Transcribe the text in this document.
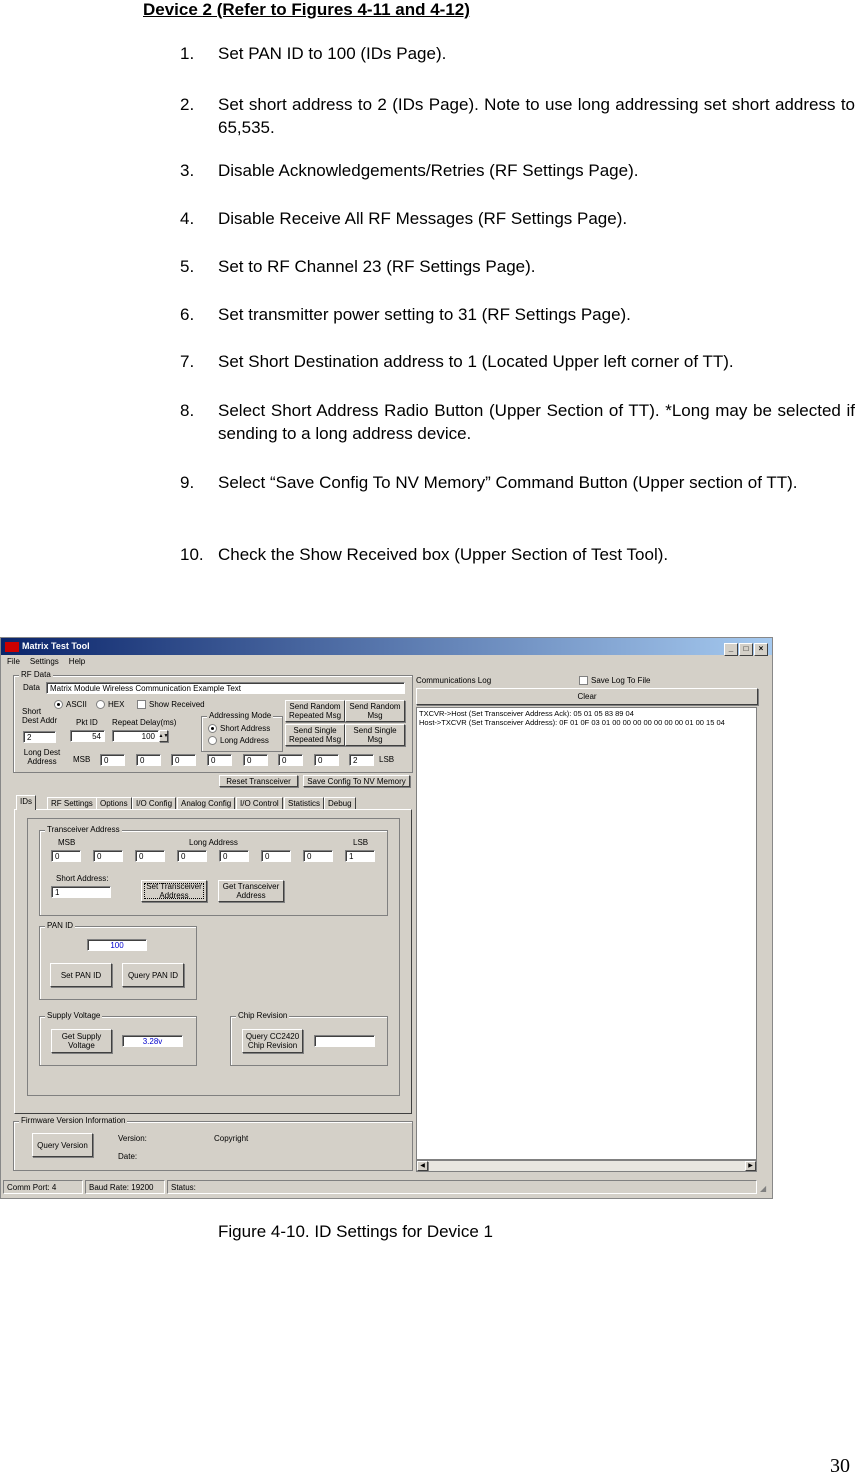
Device 2 (Refer to Figures 4-11 and 4-12)
1. Set PAN ID to 100 (IDs Page).
2. Set short address to 2 (IDs Page). Note to use long addressing set short address to 65,535.
3. Disable Acknowledgements/Retries (RF Settings Page).
4. Disable Receive All RF Messages (RF Settings Page).
5. Set to RF Channel 23 (RF Settings Page).
6. Set transmitter power setting to 31 (RF Settings Page).
7. Set Short Destination address to 1 (Located Upper left corner of TT).
8. Select Short Address Radio Button (Upper Section of TT). *Long may be selected if sending to a long address device.
9. Select “Save Config To NV Memory” Command Button (Upper section of TT).
10. Check the Show Received box (Upper Section of Test Tool).
Matrix Test Tool	_ □ ×
File Settings Help
RF Data
Data	Matrix Module Wireless Communication Example Text
ASCII	HEX	Show Received
Short Dest Addr
2
Pkt ID
54
Repeat Delay(ms)
100 ▲▼
Addressing Mode
Short Address
Long Address
Send Random Repeated Msg
Send Random Msg
Send Single Repeated Msg
Send Single Msg
Long Dest Address	MSB	0	0	0	0	0	0	0	2	LSB
Reset Transceiver	Save Config To NV Memory
IDs	RF Settings Options	I/O Config	Analog Config	I/O Control	Statistics Debug
Transceiver Address
MSB	Long Address	LSB
0	0	0	0	0	0	0	1
Short Address:
1
Set Transceiver Address
Get Transceiver Address
PAN ID
100
Set PAN ID	Query PAN ID
Supply Voltage
Get Supply Voltage	3.28v
Chip Revision
Query CC2420 Chip Revision
Firmware Version Information
Query Version
Version:	Copyright
Date:
Communications Log	Save Log To File
Clear
TXCVR->Host (Set Transceiver Address Ack): 05 01 05 83 89 04
Host->TXCVR (Set Transceiver Address): 0F 01 0F 03 01 00 00 00 00 00 00 00 01 00 15 04
◀	▶
Comm Port: 4	Baud Rate: 19200	Status:	◢
Figure 4-10. ID Settings for Device 1
30
